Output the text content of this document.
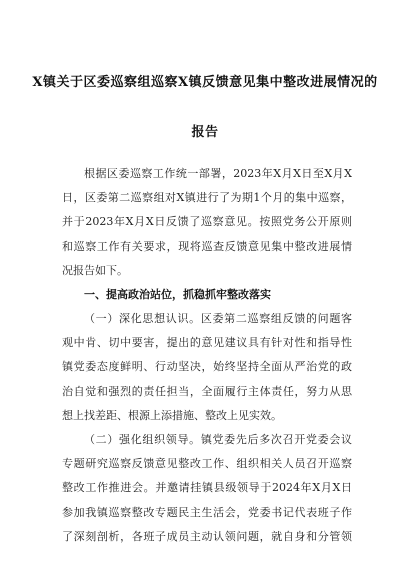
X镇关于区委巡察组巡察X镇反馈意见集中整改进展情况的
报告
根据区委巡察工作统一部署，2023年X月X日至X月X
日，区委第二巡察组对X镇进行了为期1个月的集中巡察，
并于2023年X月X日反馈了巡察意见。按照党务公开原则
和巡察工作有关要求，现将巡查反馈意见集中整改进展情
况报告如下。
一、提高政治站位，抓稳抓牢整改落实
（一）深化思想认识。区委第二巡察组反馈的问题客
观中肯、切中要害，提出的意见建议具有针对性和指导性
镇党委态度鲜明、行动坚决，始终坚持全面从严治党的政
治自觉和强烈的责任担当，全面履行主体责任，努力从思
想上找差距、根源上添措施、整改上见实效。
（二）强化组织领导。镇党委先后多次召开党委会议
专题研究巡察反馈意见整改工作、组织相关人员召开巡察
整改工作推进会。并邀请挂镇县级领导于2024年X月X日
参加我镇巡察整改专题民主生活会，党委书记代表班子作
了深刻剖析，各班子成员主动认领问题，就自身和分管领
